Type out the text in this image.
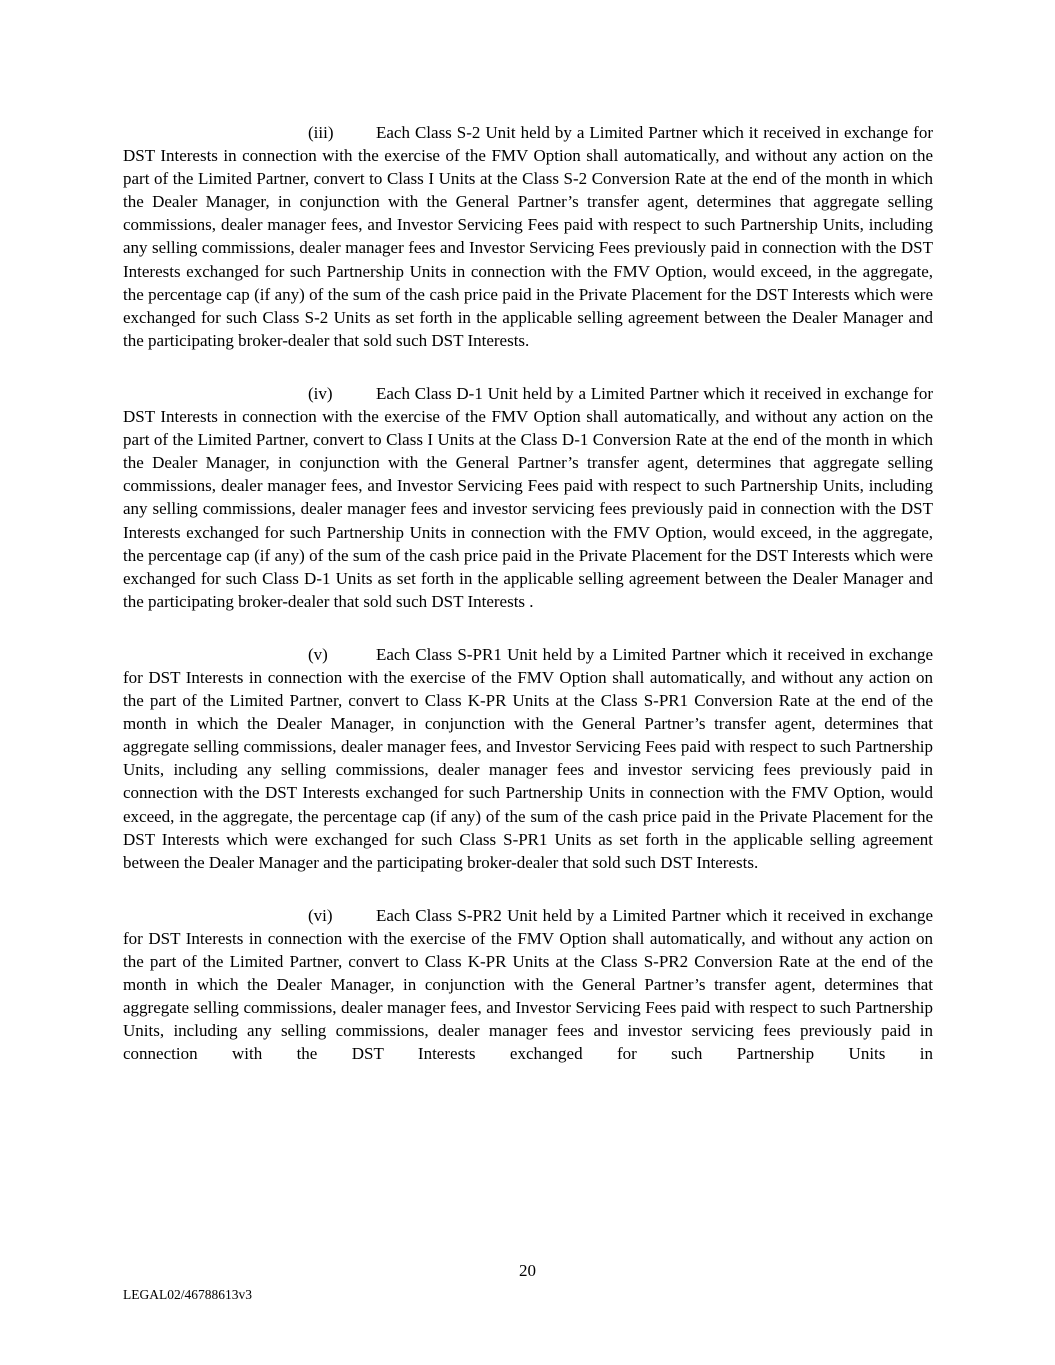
(iii)	Each Class S-2 Unit held by a Limited Partner which it received in exchange for DST Interests in connection with the exercise of the FMV Option shall automatically, and without any action on the part of the Limited Partner, convert to Class I Units at the Class S-2 Conversion Rate at the end of the month in which the Dealer Manager, in conjunction with the General Partner’s transfer agent, determines that aggregate selling commissions, dealer manager fees, and Investor Servicing Fees paid with respect to such Partnership Units, including any selling commissions, dealer manager fees and Investor Servicing Fees previously paid in connection with the DST Interests exchanged for such Partnership Units in connection with the FMV Option, would exceed, in the aggregate, the percentage cap (if any) of the sum of the cash price paid in the Private Placement for the DST Interests which were exchanged for such Class S-2 Units as set forth in the applicable selling agreement between the Dealer Manager and the participating broker-dealer that sold such DST Interests.

(iv)	Each Class D-1 Unit held by a Limited Partner which it received in exchange for DST Interests in connection with the exercise of the FMV Option shall automatically, and without any action on the part of the Limited Partner, convert to Class I Units at the Class D-1 Conversion Rate at the end of the month in which the Dealer Manager, in conjunction with the General Partner’s transfer agent, determines that aggregate selling commissions, dealer manager fees, and Investor Servicing Fees paid with respect to such Partnership Units, including any selling commissions, dealer manager fees and investor servicing fees previously paid in connection with the DST Interests exchanged for such Partnership Units in connection with the FMV Option, would exceed, in the aggregate, the percentage cap (if any) of the sum of the cash price paid in the Private Placement for the DST Interests which were exchanged for such Class D-1 Units as set forth in the applicable selling agreement between the Dealer Manager and the participating broker-dealer that sold such DST Interests .

(v)	Each Class S-PR1 Unit held by a Limited Partner which it received in exchange for DST Interests in connection with the exercise of the FMV Option shall automatically, and without any action on the part of the Limited Partner, convert to Class K-PR Units at the Class S-PR1 Conversion Rate at the end of the month in which the Dealer Manager, in conjunction with the General Partner’s transfer agent, determines that aggregate selling commissions, dealer manager fees, and Investor Servicing Fees paid with respect to such Partnership Units, including any selling commissions, dealer manager fees and investor servicing fees previously paid in connection with the DST Interests exchanged for such Partnership Units in connection with the FMV Option, would exceed, in the aggregate, the percentage cap (if any) of the sum of the cash price paid in the Private Placement for the DST Interests which were exchanged for such Class S-PR1 Units as set forth in the applicable selling agreement between the Dealer Manager and the participating broker-dealer that sold such DST Interests.

(vi)	Each Class S-PR2 Unit held by a Limited Partner which it received in exchange for DST Interests in connection with the exercise of the FMV Option shall automatically, and without any action on the part of the Limited Partner, convert to Class K-PR Units at the Class S-PR2 Conversion Rate at the end of the month in which the Dealer Manager, in conjunction with the General Partner’s transfer agent, determines that aggregate selling commissions, dealer manager fees, and Investor Servicing Fees paid with respect to such Partnership Units, including any selling commissions, dealer manager fees and investor servicing fees previously paid in connection with the DST Interests exchanged for such Partnership Units in

20
LEGAL02/46788613v3
